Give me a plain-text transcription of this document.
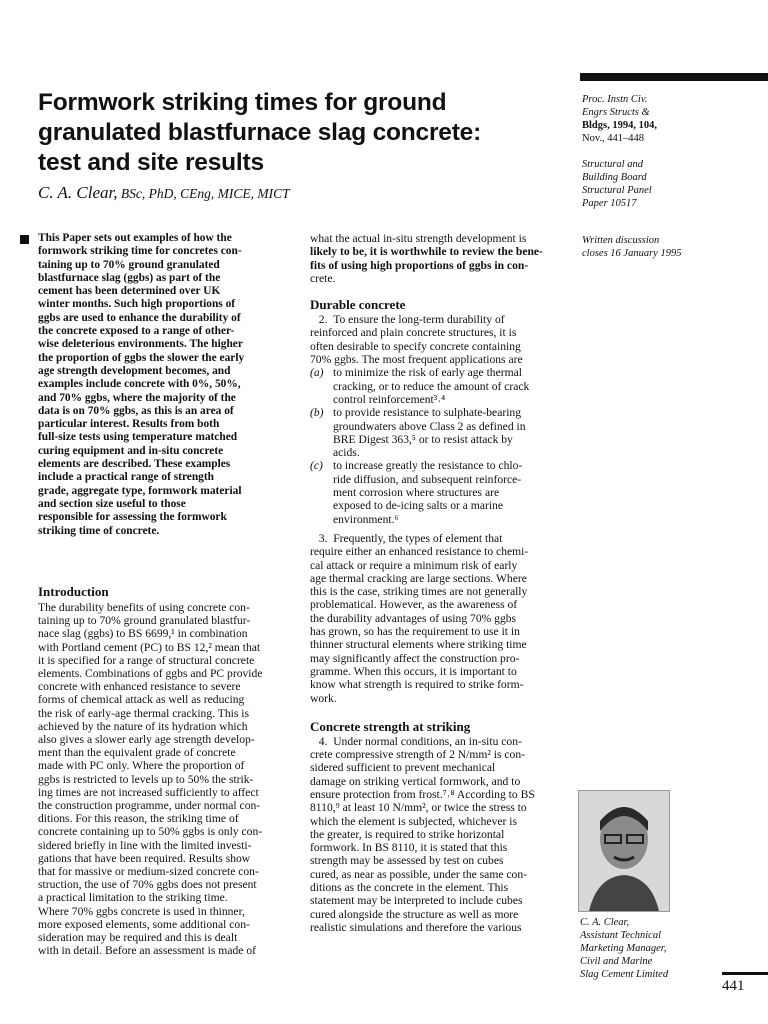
Formwork striking times for ground
granulated blastfurnace slag concrete:
test and site results
C. A. Clear, BSc, PhD, CEng, MICE, MICT
Proc. Instn Civ.
Engrs Structs &
Bldgs, 1994, 104,
Nov., 441–448
Structural and
Building Board
Structural Panel
Paper 10517
Written discussion
closes 16 January 1995
This Paper sets out examples of how the
formwork striking time for concretes con-
taining up to 70% ground granulated
blastfurnace slag (ggbs) as part of the
cement has been determined over UK
winter months. Such high proportions of
ggbs are used to enhance the durability of
the concrete exposed to a range of other-
wise deleterious environments. The higher
the proportion of ggbs the slower the early
age strength development becomes, and
examples include concrete with 0%, 50%,
and 70% ggbs, where the majority of the
data is on 70% ggbs, as this is an area of
particular interest. Results from both
full-size tests using temperature matched
curing equipment and in-situ concrete
elements are described. These examples
include a practical range of strength
grade, aggregate type, formwork material
and section size useful to those
responsible for assessing the formwork
striking time of concrete.
Introduction
The durability benefits of using concrete con-
taining up to 70% ground granulated blastfur-
nace slag (ggbs) to BS 6699,¹ in combination
with Portland cement (PC) to BS 12,² mean that
it is specified for a range of structural concrete
elements. Combinations of ggbs and PC provide
concrete with enhanced resistance to severe
forms of chemical attack as well as reducing
the risk of early-age thermal cracking. This is
achieved by the nature of its hydration which
also gives a slower early age strength develop-
ment than the equivalent grade of concrete
made with PC only. Where the proportion of
ggbs is restricted to levels up to 50% the strik-
ing times are not increased sufficiently to affect
the construction programme, under normal con-
ditions. For this reason, the striking time of
concrete containing up to 50% ggbs is only con-
sidered briefly in line with the limited investi-
gations that have been required. Results show
that for massive or medium-sized concrete con-
struction, the use of 70% ggbs does not present
a practical limitation to the striking time.
Where 70% ggbs concrete is used in thinner,
more exposed elements, some additional con-
sideration may be required and this is dealt
with in detail. Before an assessment is made of
what the actual in-situ strength development is
likely to be, it is worthwhile to review the bene-
fits of using high proportions of ggbs in con-
crete.
Durable concrete
2.  To ensure the long-term durability of
reinforced and plain concrete structures, it is
often desirable to specify concrete containing
70% ggbs. The most frequent applications are
(a) to minimize the risk of early age thermal
cracking, or to reduce the amount of crack
control reinforcement³˒⁴
(b) to provide resistance to sulphate-bearing
groundwaters above Class 2 as defined in
BRE Digest 363,⁵ or to resist attack by
acids.
(c) to increase greatly the resistance to chlo-
ride diffusion, and subsequent reinforce-
ment corrosion where structures are
exposed to de-icing salts or a marine
environment.⁶
3.  Frequently, the types of element that
require either an enhanced resistance to chemi-
cal attack or require a minimum risk of early
age thermal cracking are large sections. Where
this is the case, striking times are not generally
problematical. However, as the awareness of
the durability advantages of using 70% ggbs
has grown, so has the requirement to use it in
thinner structural elements where striking time
may significantly affect the construction pro-
gramme. When this occurs, it is important to
know what strength is required to strike form-
work.
Concrete strength at striking
4.  Under normal conditions, an in-situ con-
crete compressive strength of 2 N/mm² is con-
sidered sufficient to prevent mechanical
damage on striking vertical formwork, and to
ensure protection from frost.⁷˒⁸ According to BS
8110,⁹ at least 10 N/mm², or twice the stress to
which the element is subjected, whichever is
the greater, is required to strike horizontal
formwork. In BS 8110, it is stated that this
strength may be assessed by test on cubes
cured, as near as possible, under the same con-
ditions as the concrete in the element. This
statement may be interpreted to include cubes
cured alongside the structure as well as more
realistic simulations and therefore the various	C. A. Clear,
Assistant Technical
Marketing Manager,
Civil and Marine
Slag Cement Limited
441
